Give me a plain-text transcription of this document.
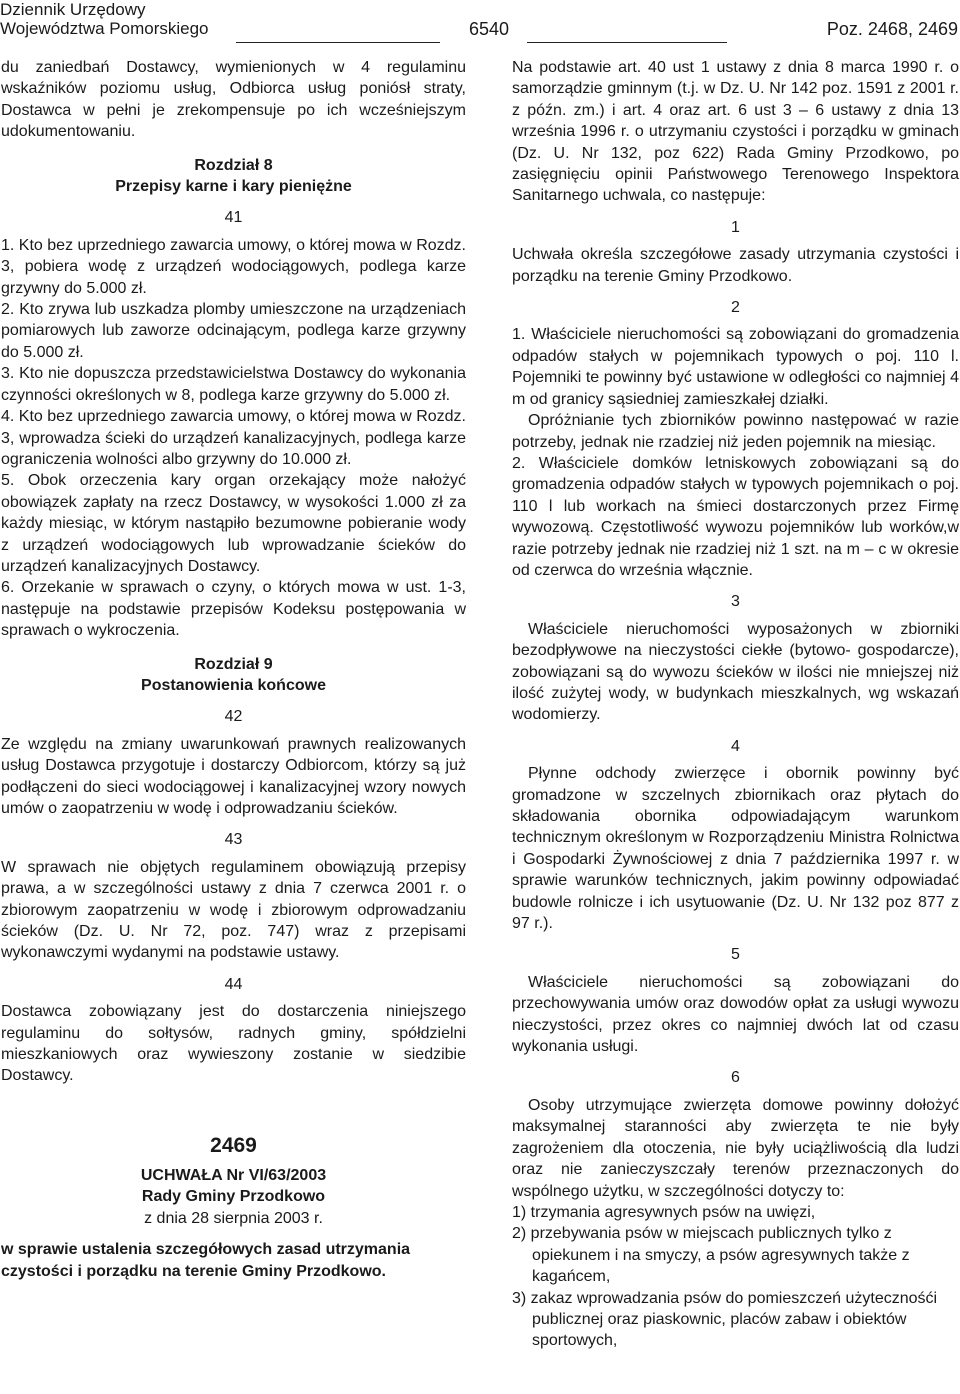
Dziennik Urzędowy
Województwa Pomorskiego	6540	Poz. 2468, 2469

du zaniedbań Dostawcy, wymienionych w 4 regulaminu wskaźników poziomu usług, Odbiorca usług poniósł straty, Dostawca w pełni je zrekompensuje po ich wcześniejszym udokumentowaniu.

Rozdział 8

Przepisy karne i kary pieniężne

41

1. Kto bez uprzedniego zawarcia umowy, o której mowa w Rozdz. 3, pobiera wodę z urządzeń wodociągowych, podlega karze grzywny do 5.000 zł.

2. Kto zrywa lub uszkadza plomby umieszczone na urządzeniach pomiarowych lub zaworze odcinającym, podlega karze grzywny do 5.000 zł.

3. Kto nie dopuszcza przedstawicielstwa Dostawcy do wykonania czynności określonych w 8, podlega karze grzywny do 5.000 zł.

4. Kto bez uprzedniego zawarcia umowy, o której mowa w Rozdz. 3, wprowadza ścieki do urządzeń kanalizacyjnych, podlega karze ograniczenia wolności albo grzywny do 10.000 zł.

5. Obok orzeczenia kary organ orzekający może nałożyć obowiązek zapłaty na rzecz Dostawcy, w wysokości 1.000 zł za każdy miesiąc, w którym nastąpiło bezumowne pobieranie wody z urządzeń wodociągowych lub wprowadzanie ścieków do urządzeń kanalizacyjnych Dostawcy.

6. Orzekanie w sprawach o czyny, o których mowa w ust. 1-3, następuje na podstawie przepisów Kodeksu postępowania w sprawach o wykroczenia.

Rozdział 9

Postanowienia końcowe

42

Ze względu na zmiany uwarunkowań prawnych realizowanych usług Dostawca przygotuje i dostarczy Odbiorcom, którzy są już podłączeni do sieci wodociągowej i kanalizacyjnej wzory nowych umów o zaopatrzeniu w wodę i odprowadzaniu ścieków.

43

W sprawach nie objętych regulaminem obowiązują przepisy prawa, a w szczególności ustawy z dnia 7 czerwca 2001 r. o zbiorowym zaopatrzeniu w wodę i zbiorowym odprowadzaniu ścieków (Dz. U. Nr 72, poz. 747) wraz z przepisami wykonawczymi wydanymi na podstawie ustawy.

44

Dostawca zobowiązany jest do dostarczenia niniejszego regulaminu do sołtysów, radnych gminy, spółdzielni mieszkaniowych oraz wywieszony zostanie w siedzibie Dostawcy.

2469

UCHWAŁA Nr VI/63/2003

Rady Gminy Przodkowo

z dnia 28 sierpnia 2003 r.

w sprawie ustalenia szczegółowych zasad utrzymania czystości i porządku na terenie Gminy Przodkowo.

Na podstawie art. 40 ust 1 ustawy z dnia 8 marca 1990 r. o samorządzie gminnym (t.j. w Dz. U. Nr 142 poz. 1591 z 2001 r. z późn. zm.) i art. 4 oraz art. 6 ust 3 – 6 ustawy z dnia 13 września 1996 r. o utrzymaniu czystości i porządku w gminach (Dz. U. Nr 132, poz 622) Rada Gminy Przodkowo, po zasięgnięciu opinii Państwowego Terenowego Inspektora Sanitarnego uchwala, co następuje:

1

Uchwała określa szczegółowe zasady utrzymania czystości i porządku na terenie Gminy Przodkowo.

2

1. Właściciele nieruchomości są zobowiązani do gromadzenia odpadów stałych w pojemnikach typowych o poj. 110 l. Pojemniki te powinny być ustawione w odległości co najmniej 4 m od granicy sąsiedniej zamieszkałej działki.

Opróżnianie tych zbiorników powinno następować w razie potrzeby, jednak nie rzadziej niż jeden pojemnik na miesiąc.

2. Właściciele domków letniskowych zobowiązani są do gromadzenia odpadów stałych w typowych pojemnikach o poj. 110 l lub workach na śmieci dostarczonych przez Firmę wywozową. Częstotliwość wywozu pojemników lub worków,w razie potrzeby jednak nie rzadziej niż 1 szt. na m – c w okresie od czerwca do września włącznie.

3

Właściciele nieruchomości wyposażonych w zbiorniki bezodpływowe na nieczystości ciekłe (bytowo- gospodarcze), zobowiązani są do wywozu ścieków w ilości nie mniejszej niż ilość zużytej wody, w budynkach mieszkalnych, wg wskazań wodomierzy.

4

Płynne odchody zwierzęce i obornik powinny być gromadzone w szczelnych zbiornikach oraz płytach do składowania obornika odpowiadającym warunkom technicznym określonym w Rozporządzeniu Ministra Rolnictwa i Gospodarki Żywnościowej z dnia 7 października 1997 r. w sprawie warunków technicznych, jakim powinny odpowiadać budowle rolnicze i ich usytuowanie (Dz. U. Nr 132 poz 877 z 97 r.).

5

Właściciele nieruchomości są zobowiązani do przechowywania umów oraz dowodów opłat za usługi wywozu nieczystości, przez okres co najmniej dwóch lat od czasu wykonania usługi.

6

Osoby utrzymujące zwierzęta domowe powinny dołożyć maksymalnej staranności aby zwierzęta te nie były zagrożeniem dla otoczenia, nie były uciążliwością dla ludzi oraz nie zanieczyszczały terenów przeznaczonych do wspólnego użytku, w szczególności dotyczy to:

1) trzymania agresywnych psów na uwięzi,

2) przebywania psów w miejscach publicznych tylko z opiekunem i na smyczy, a psów agresywnych także z kagańcem,

3) zakaz wprowadzania psów do pomieszczeń użytecznośći publicznej oraz piaskownic, placów zabaw i obiektów sportowych,
